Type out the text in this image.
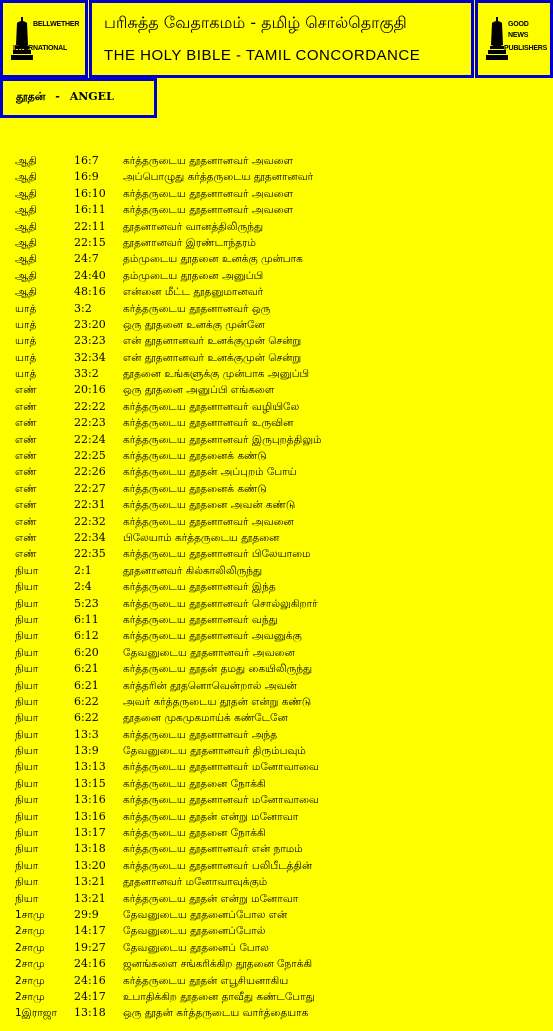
BELLWETHER
INTERNATIONAL
பரிசுத்த வேதாகமம் - தமிழ் சொல்தொகுதி
THE HOLY BIBLE - TAMIL CONCORDANCE
GOOD NEWS
PUBLISHERS
தூதன் - ANGEL
ஆதி	16:7 கர்த்தருடைய தூதனானவர் அவளை
ஆதி	16:9 அப்பொழுது கர்த்தருடைய தூதனானவர்
ஆதி	16:10 கர்த்தருடைய தூதனானவர் அவளை
ஆதி	16:11 கர்த்தருடைய தூதனானவர் அவளை
ஆதி	22:11 தூதனானவர் வானத்திலிருந்து
ஆதி	22:15 தூதனானவர் இரண்டாந்தரம்
ஆதி	24:7 தம்முடைய தூதனை உனக்கு முன்பாக
ஆதி	24:40 தம்முடைய தூதனை அனுப்பி
ஆதி	48:16 என்னை மீட்ட தூதனுமானவர்
யாத்	3:2	கர்த்தருடைய தூதனானவர் ஒரு
யாத்	23:20 ஒரு தூதனை உனக்கு முன்னே
யாத்	23:23 என் தூதனானவர் உனக்குமுன் சென்று
யாத்	32:34 என் தூதனானவர் உனக்குமுன் சென்று
யாத்	33:2 தூதனை உங்களுக்கு முன்பாக அனுப்பி
எண்	20:16 ஒரு தூதனை அனுப்பி எங்களை
எண்	22:22 கர்த்தருடைய தூதனானவர் வழியிலே
எண்	22:23 கர்த்தருடைய தூதனானவர் உருவின
எண்	22:24 கர்த்தருடைய தூதனானவர் இருபுறத்திலும்
எண்	22:25 கர்த்தருடைய தூதனைக் கண்டு
எண்	22:26 கர்த்தருடைய தூதன் அப்புறம் போய்
எண்	22:27 கர்த்தருடைய தூதனைக் கண்டு
எண்	22:31 கர்த்தருடைய தூதனை அவன் கண்டு
எண்	22:32 கர்த்தருடைய தூதனானவர் அவனை
எண்	22:34 பிலேயாம் கர்த்தருடைய தூதனை
எண்	22:35 கர்த்தருடைய தூதனானவர் பிலேயாமை
நியா	2:1	தூதனானவர் கில்காலிலிருந்து
நியா	2:4	கர்த்தருடைய தூதனானவர் இந்த
நியா	5:23 கர்த்தருடைய தூதனானவர் சொல்லுகிறார்
நியா	6:11 கர்த்தருடைய தூதனானவர் வந்து
நியா	6:12 கர்த்தருடைய தூதனானவர் அவனுக்கு
நியா	6:20 தேவனுடைய தூதனானவர் அவனை
நியா	6:21 கர்த்தருடைய தூதன் தமது கையிலிருந்து
நியா	6:21 கர்த்தரின் தூதனொவென்றால் அவன்
நியா	6:22 அவர் கர்த்தருடைய தூதன் என்று கண்டு
நியா	6:22 தூதனை முகமுகமாய்க் கண்டேனே
நியா	13:3 கர்த்தருடைய தூதனானவர் அந்த
நியா	13:9 தேவனுடைய தூதனானவர் திரும்பவும்
நியா	13:13 கர்த்தருடைய தூதனானவர் மனோவாவை
நியா	13:15 கர்த்தருடைய தூதனை நோக்கி
நியா	13:16 கர்த்தருடைய தூதனானவர் மனோவாவை
நியா	13:16 கர்த்தருடைய தூதன் என்று மனோவா
நியா	13:17 கர்த்தருடைய தூதனை நோக்கி
நியா	13:18 கர்த்தருடைய தூதனானவர் என் நாமம்
நியா	13:20 கர்த்தருடைய தூதனானவர் பலிபீடத்தின்
நியா	13:21 தூதனானவர் மனோவாவுக்கும்
நியா	13:21 கர்த்தருடைய தூதன் என்று மனோவா
1சாமு	29:9 தேவனுடைய தூதனைப்போல என்
2சாமு	14:17 தேவனுடைய தூதனைப்போல்
2சாமு	19:27 தேவனுடைய தூதனைப் போல
2சாமு	24:16 ஜனங்களை சங்கரிக்கிற தூதனை நோக்கி
2சாமு	24:16 கர்த்தருடைய தூதன் எபூசியனாகிய
2சாமு	24:17 உபாதிக்கிற தூதனை தாவீது கண்டபோது
1இராஜா 13:18 ஒரு தூதன் கர்த்தருடைய வார்த்தையாக
